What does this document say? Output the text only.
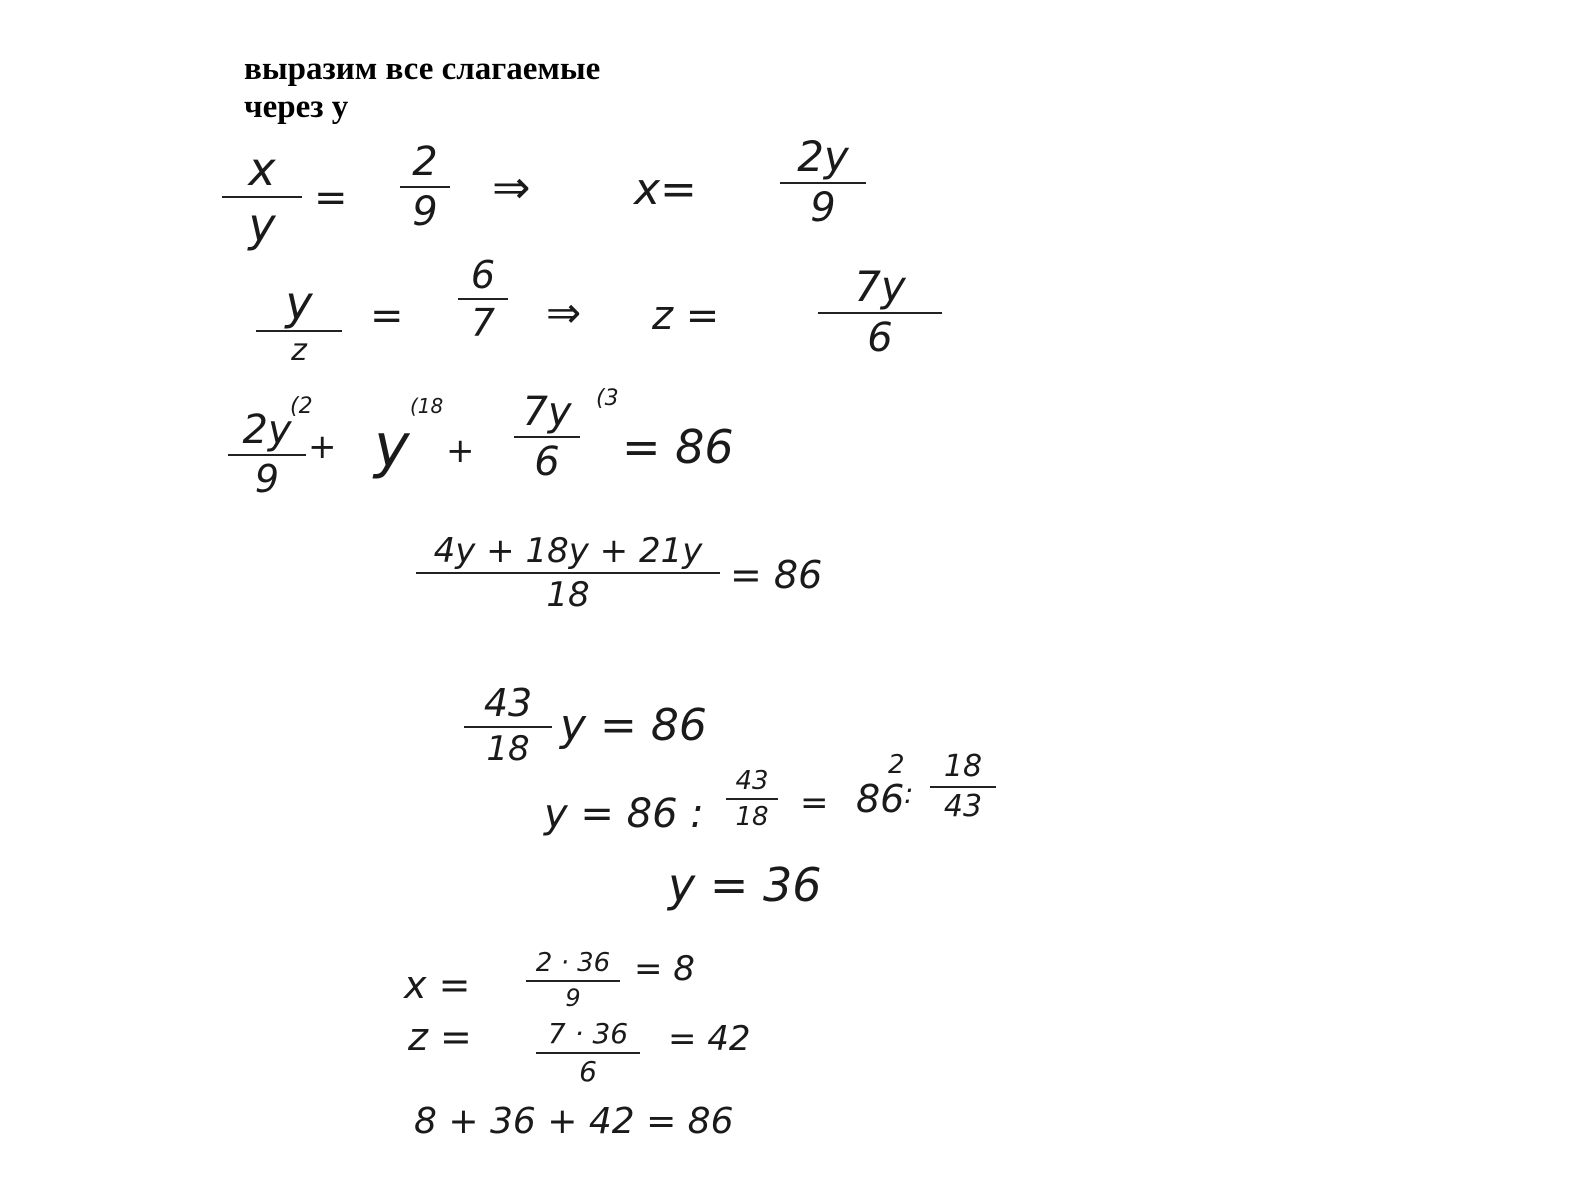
выразим все слагаемые
через y
x
y =
2
9 ⇒ x=
2y
9
y
z
=
6
7	⇒ z =
7y
6
2y
9
(2
+ y
(18
+
7y
6
(3
= 86
4y + 18y + 21y
18	= 86
43
18 y = 86
y = 86 :
43
18 = 86
2
:
18
43
y = 36
x =	2 · 36
9
= 8
z =	7 · 36
6
= 42
8 + 36 + 42 = 86
